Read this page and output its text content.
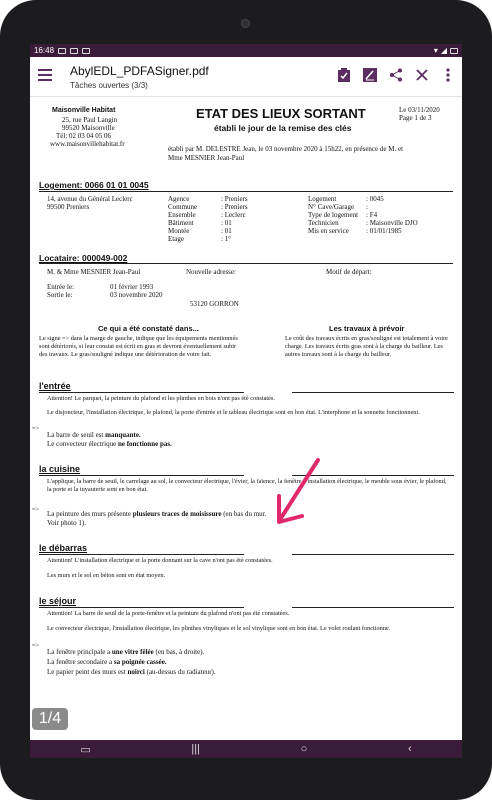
16:48	▾ ◢
AbylEDL_PDFASigner.pdf
Tâches ouvertes (3/3)
Maisonville Habitat
25, rue Paul Langin
99520 Maisonville
Tél: 02 03 04 05 06
www.maisonvillehabitat.fr
ETAT DES LIEUX SORTANT
établi le jour de la remise des clés
Le 03/11/2020
Page 1 de 3
établi par M. DELESTRE Jean, le 03 novembre 2020 à 15h22, en présence de M. et Mme MESNIER Jean-Paul
Logement: 0066 01 01 0045
14, avenue du Général Leclerc
99500 Preniers
Agence	: Preniers
Commune	: Preniers
Ensemble	: Leclerc
Bâtiment	: 01
Montée	: 01
Etage	: 1°
Logement	: 0045
N° Cave/Garage :
Type de logement : F4
Technicien	: Maisonville DJO
Mis en service : 01/01/1985
Locataire: 000049-002
M. & Mme MESNIER Jean-Paul	Nouvelle adresse:	Motif de départ:
Entrée le:	01 février 1993
Sortie le:	03 novembre 2020
53120 GORRON
Ce qui a été constaté dans...	Les travaux à prévoir
Le signe => dans la marge de gauche, indique que les équipements mentionnés sont détériorés, si leur constat est écrit en gras et devront éventuellement subir des travaux. Le gras/souligné indique une détérioration de votre fait.
Le coût des travaux écrits en gras/souligné est totalement à votre charge. Les travaux écrits gras sont à la charge du bailleur. Les autres travaux sont à la charge du bailleur.
l'entrée
Attention! Le parquet, la peinture du plafond et les plinthes en bois n'ont pas été constatés.
Le disjoncteur, l'installation électrique, le plafond, la porte d'entrée et le tableau électrique sont en bon état. L'interphone et la sonnette fonctionnent.
=>
La barre de seuil est manquante.
Le convecteur électrique ne fonctionne pas.
la cuisine
L'applique, la barre de seuil, le carrelage au sol, le convecteur électrique, l'évier, la faïence, la fenêtre, l'installation électrique, le meuble sous évier, le plafond, la porte et la tuyauterie sont en bon état.
=>
La peinture des murs présente plusieurs traces de moisissure (en bas du mur. Voir photo 1).
le débarras
Attention! L'installation électrique et la porte donnant sur la cave n'ont pas été constatées.
Les murs et le sol en béton sont en état moyen.
le séjour
Attention! La barre de seuil de la porte-fenêtre et la peinture du plafond n'ont pas été constatées.
Le convecteur électrique, l'installation électrique, les plinthes vinyliques et le sol vinylique sont en bon état. Le volet roulant fonctionne.
=>
La fenêtre principale a une vitre fêlée (en bas, à droite).
La fenêtre secondaire a sa poignée cassée.
Le papier peint des murs est noirci (au-dessus du radiateur).
1/4
▭	|||	○	‹
